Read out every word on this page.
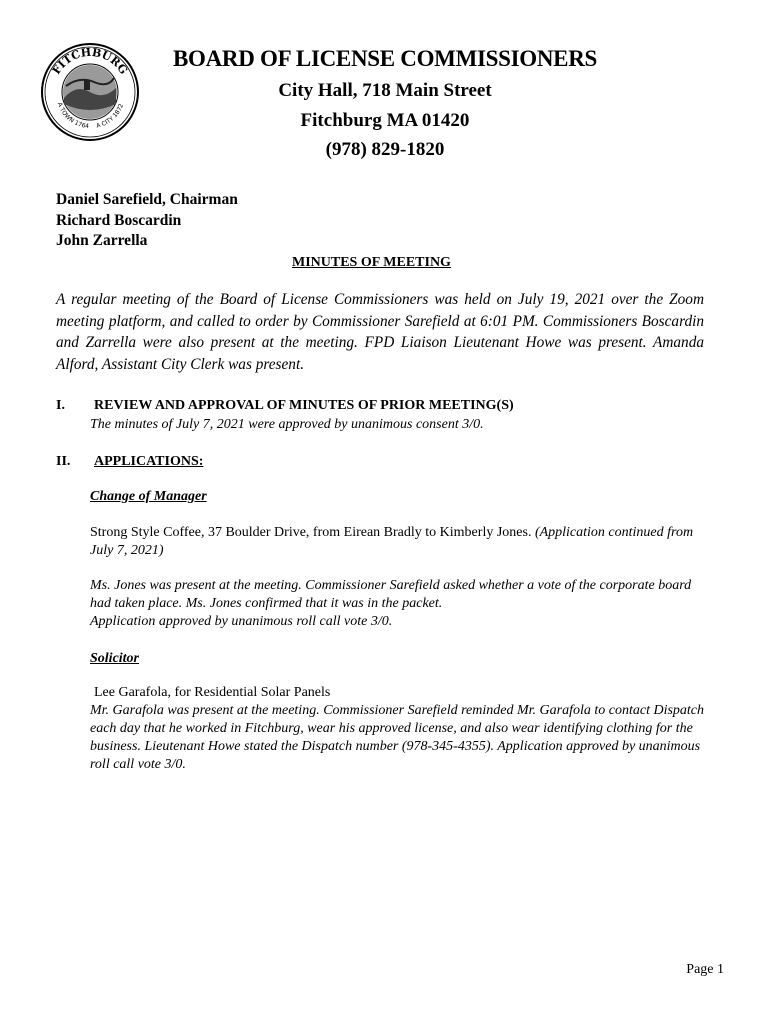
FITCHBURG
A TOWN 1764 A CITY 1872
BOARD OF LICENSE COMMISSIONERS
City Hall, 718 Main Street
Fitchburg MA 01420
(978) 829-1820
Daniel Sarefield, Chairman
Richard Boscardin
John Zarrella
MINUTES OF MEETING
A regular meeting of the Board of License Commissioners was held on July 19, 2021 over the Zoom meeting platform, and called to order by Commissioner Sarefield at 6:01 PM. Commissioners Boscardin and Zarrella were also present at the meeting. FPD Liaison Lieutenant Howe was present. Amanda Alford, Assistant City Clerk was present.
I. REVIEW AND APPROVAL OF MINUTES OF PRIOR MEETING(S)
The minutes of July 7, 2021 were approved by unanimous consent 3/0.
II. APPLICATIONS:
Change of Manager
Strong Style Coffee, 37 Boulder Drive, from Eirean Bradly to Kimberly Jones. (Application continued from July 7, 2021)
Ms. Jones was present at the meeting. Commissioner Sarefield asked whether a vote of the corporate board had taken place. Ms. Jones confirmed that it was in the packet.
Application approved by unanimous roll call vote 3/0.
Solicitor
Lee Garafola, for Residential Solar Panels
Mr. Garafola was present at the meeting. Commissioner Sarefield reminded Mr. Garafola to contact Dispatch each day that he worked in Fitchburg, wear his approved license, and also wear identifying clothing for the business. Lieutenant Howe stated the Dispatch number (978-345-4355). Application approved by unanimous roll call vote 3/0.
Page 1
